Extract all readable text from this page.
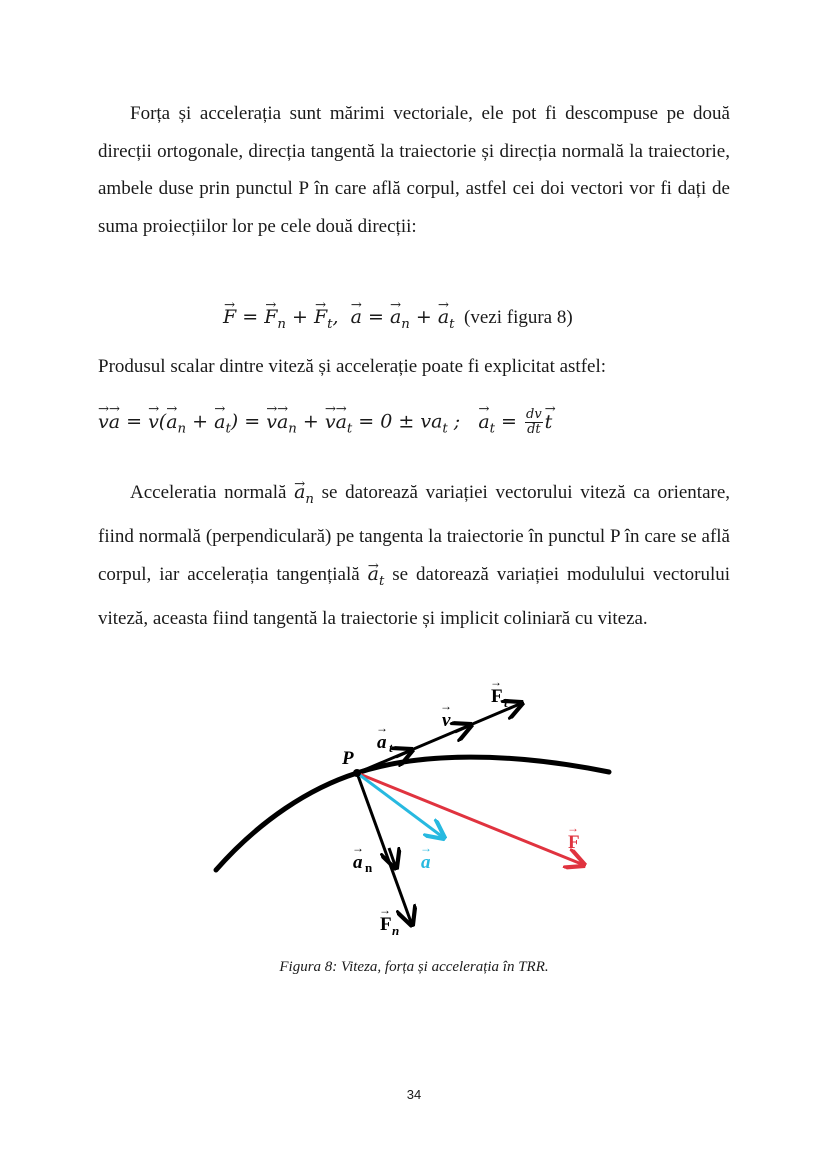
Forța și accelerația sunt mărimi vectoriale, ele pot fi descompuse pe două direcții ortogonale, direcția tangentă la traiectorie și direcția normală la traiectorie, ambele duse prin punctul P în care află corpul, astfel cei doi vectori vor fi dați de suma proiecțiilor lor pe cele două direcții:

→ F = → $F_n$ + → $F_t$,  → a = → $a_n$ + → $a_t$ (vezi figura 8)
Produsul scalar dintre viteză și accelerație poate fi explicitat astfel:
→ v→ a = → $v(\to a_n$ + → $a_t$) = → $v\to a_n$ + → $v\to a_t = 0 \pm va_t$ ;   → $a_t = \frac{dv}{dt}$
→ t

Acceleratia normală → $a_n$ se datorează variației vectorului viteză ca orientare, fiind normală (perpendiculară) pe tangenta la traiectorie în punctul P în care se află corpul, iar accelerația tangențială → $a_t$ se datorează variației modulului vectorului viteză, aceasta fiind tangentă la traiectorie și implicit coliniară cu viteza.

P
→
F t
→
v
→
a t
→
a n
→
a
→
F
→
F n
Figura 8: Viteza, forța și accelerația în TRR.
34
